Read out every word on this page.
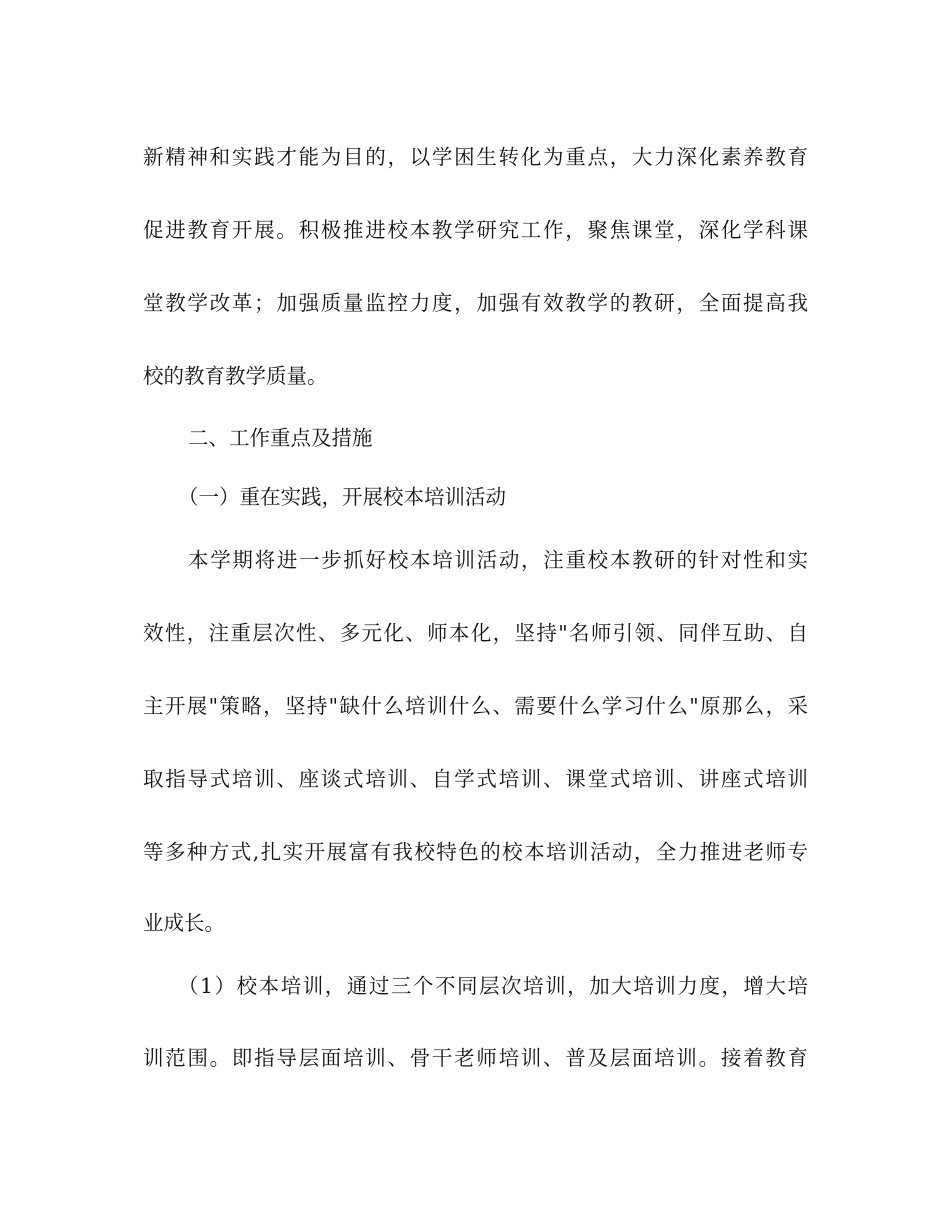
新精神和实践才能为目的，以学困生转化为重点，大力深化素养教育
促进教育开展。积极推进校本教学研究工作，聚焦课堂，深化学科课
堂教学改革；加强质量监控力度，加强有效教学的教研，全面提高我
校的教育教学质量。
二、工作重点及措施
（一）重在实践，开展校本培训活动
本学期将进一步抓好校本培训活动，注重校本教研的针对性和实
效性，注重层次性、多元化、师本化，坚持"名师引领、同伴互助、自
主开展"策略，坚持"缺什么培训什么、需要什么学习什么"原那么，采
取指导式培训、座谈式培训、自学式培训、课堂式培训、讲座式培训
等多种方式,扎实开展富有我校特色的校本培训活动，全力推进老师专
业成长。
（1）校本培训，通过三个不同层次培训，加大培训力度，增大培
训范围。即指导层面培训、骨干老师培训、普及层面培训。接着教育
